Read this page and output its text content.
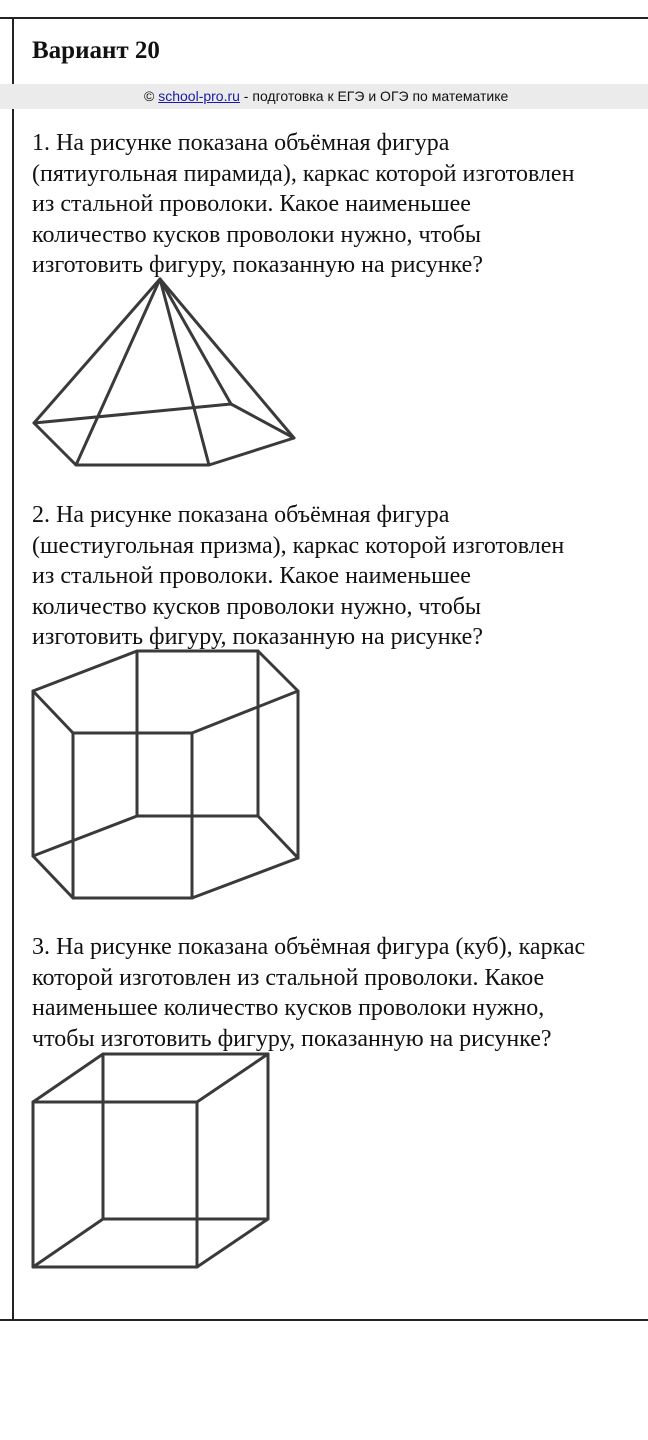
Вариант 20
© school-pro.ru - подготовка к ЕГЭ и ОГЭ по математике

1. На рисунке показана объёмная фигура
(пятиугольная пирамида), каркас которой изготовлен
из стальной проволоки. Какое наименьшее
количество кусков проволоки нужно, чтобы
изготовить фигуру, показанную на рисунке?

2. На рисунке показана объёмная фигура
(шестиугольная призма), каркас которой изготовлен
из стальной проволоки. Какое наименьшее
количество кусков проволоки нужно, чтобы
изготовить фигуру, показанную на рисунке?

3. На рисунке показана объёмная фигура (куб), каркас
которой изготовлен из стальной проволоки. Какое
наименьшее количество кусков проволоки нужно,
чтобы изготовить фигуру, показанную на рисунке?
